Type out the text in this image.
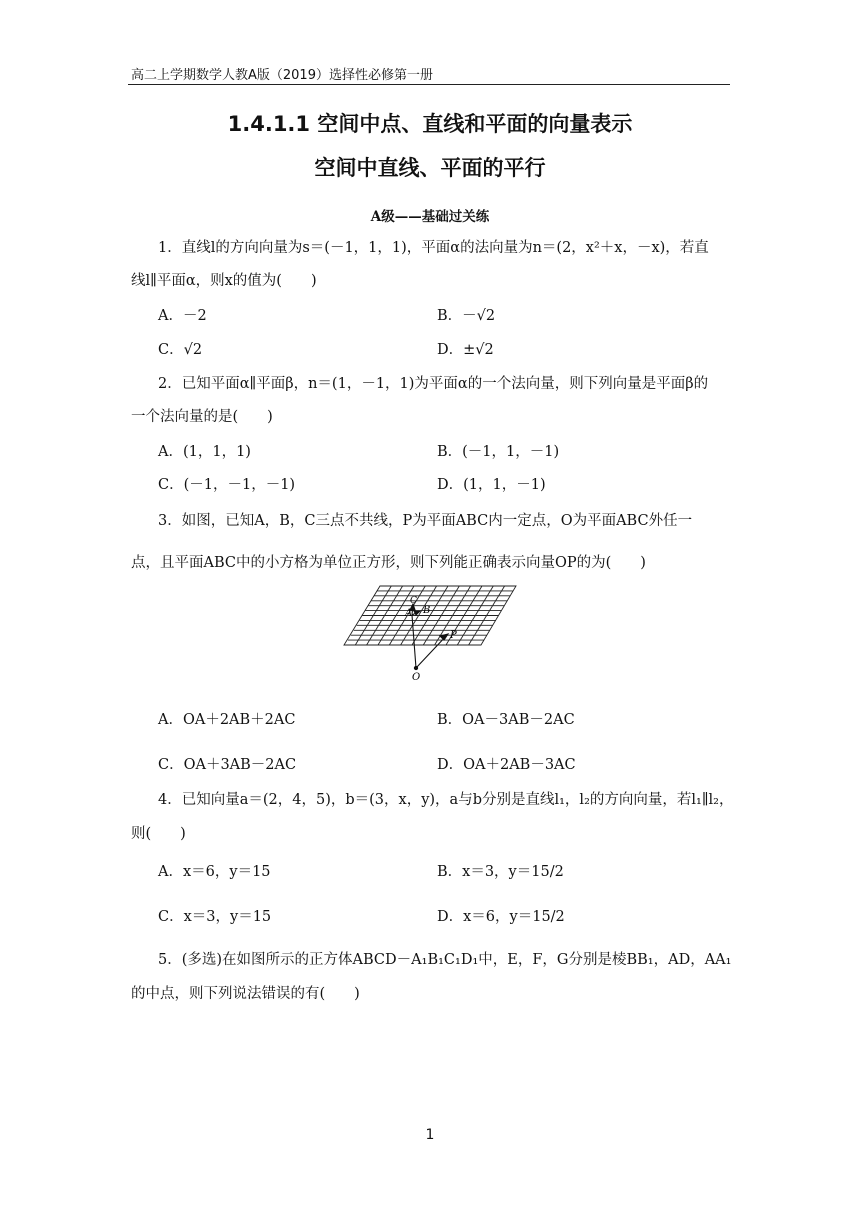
高二上学期数学人教A版（2019）选择性必修第一册
1.4.1.1 空间中点、直线和平面的向量表示
空间中直线、平面的平行
A级——基础过关练
1．直线l的方向向量为s＝(－1，1，1)，平面α的法向量为n＝(2，x²＋x，－x)，若直
线l∥平面α，则x的值为(　　)
A．－2	B．－√2
C．√2	D．±√2
2．已知平面α∥平面β，n＝(1，－1，1)为平面α的一个法向量，则下列向量是平面β的
一个法向量的是(　　)
A．(1，1，1)	B．(－1，1，－1)
C．(－1，－1，－1)	D．(1，1，－1)
3．如图，已知A，B，C三点不共线，P为平面ABC内一定点，O为平面ABC外任一
点，且平面ABC中的小方格为单位正方形，则下列能正确表示向量OP的为(　　)
A B
C
P
O
A．OA＋2AB＋2AC	B．OA－3AB－2AC
C．OA＋3AB－2AC	D．OA＋2AB－3AC
4．已知向量a＝(2，4，5)，b＝(3，x，y)，a与b分别是直线l₁，l₂的方向向量，若l₁∥l₂，
则(　　)
A．x＝6，y＝15	B．x＝3，y＝15/2
C．x＝3，y＝15	D．x＝6，y＝15/2
5．(多选)在如图所示的正方体ABCD－A₁B₁C₁D₁中，E，F，G分别是棱BB₁，AD，AA₁
的中点，则下列说法错误的有(　　)
1
